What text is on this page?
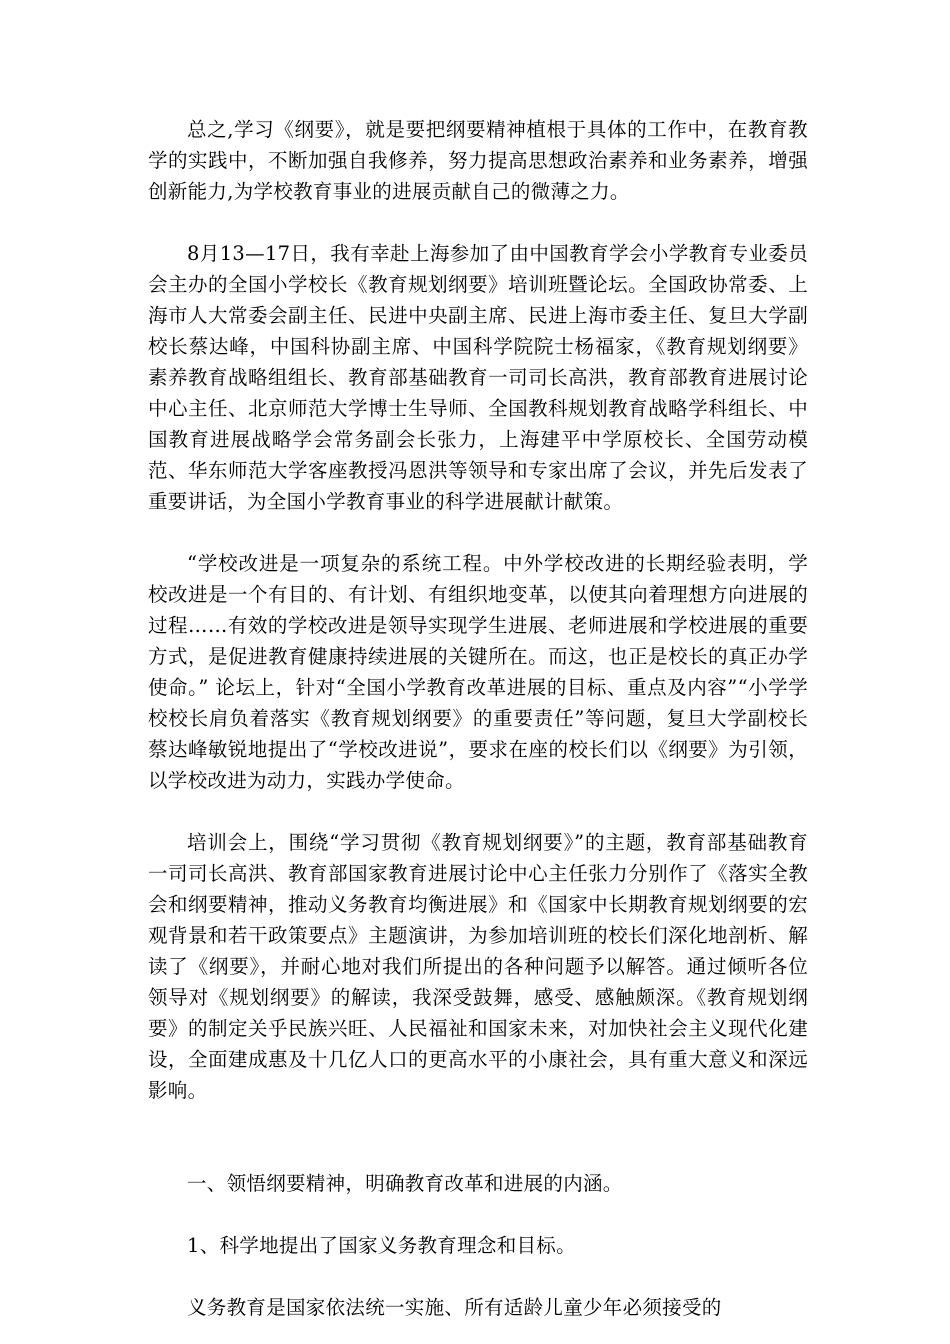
总之,学习《纲要》，就是要把纲要精神植根于具体的工作中，在教育教学的实践中，不断加强自我修养，努力提高思想政治素养和业务素养，增强创新能力,为学校教育事业的进展贡献自己的微薄之力。

8月13—17日，我有幸赴上海参加了由中国教育学会小学教育专业委员会主办的全国小学校长《教育规划纲要》培训班暨论坛。全国政协常委、上海市人大常委会副主任、民进中央副主席、民进上海市委主任、复旦大学副校长蔡达峰，中国科协副主席、中国科学院院士杨福家，《教育规划纲要》素养教育战略组组长、教育部基础教育一司司长高洪，教育部教育进展讨论中心主任、北京师范大学博士生导师、全国教科规划教育战略学科组长、中国教育进展战略学会常务副会长张力，上海建平中学原校长、全国劳动模范、华东师范大学客座教授冯恩洪等领导和专家出席了会议，并先后发表了重要讲话，为全国小学教育事业的科学进展献计献策。

“学校改进是一项复杂的系统工程。中外学校改进的长期经验表明，学校改进是一个有目的、有计划、有组织地变革，以使其向着理想方向进展的过程……有效的学校改进是领导实现学生进展、老师进展和学校进展的重要方式，是促进教育健康持续进展的关键所在。而这，也正是校长的真正办学使命。” 论坛上，针对“全国小学教育改革进展的目标、重点及内容”“小学学校校长肩负着落实《教育规划纲要》的重要责任”等问题，复旦大学副校长蔡达峰敏锐地提出了“学校改进说”，要求在座的校长们以《纲要》为引领，以学校改进为动力，实践办学使命。

培训会上，围绕“学习贯彻《教育规划纲要》”的主题，教育部基础教育一司司长高洪、教育部国家教育进展讨论中心主任张力分别作了《落实全教会和纲要精神，推动义务教育均衡进展》和《国家中长期教育规划纲要的宏观背景和若干政策要点》主题演讲，为参加培训班的校长们深化地剖析、解读了《纲要》，并耐心地对我们所提出的各种问题予以解答。通过倾听各位领导对《规划纲要》的解读，我深受鼓舞，感受、感触颇深。《教育规划纲要》的制定关乎民族兴旺、人民福祉和国家未来，对加快社会主义现代化建设，全面建成惠及十几亿人口的更高水平的小康社会，具有重大意义和深远影响。

一、领悟纲要精神，明确教育改革和进展的内涵。

1、科学地提出了国家义务教育理念和目标。

义务教育是国家依法统一实施、所有适龄儿童少年必须接受的
